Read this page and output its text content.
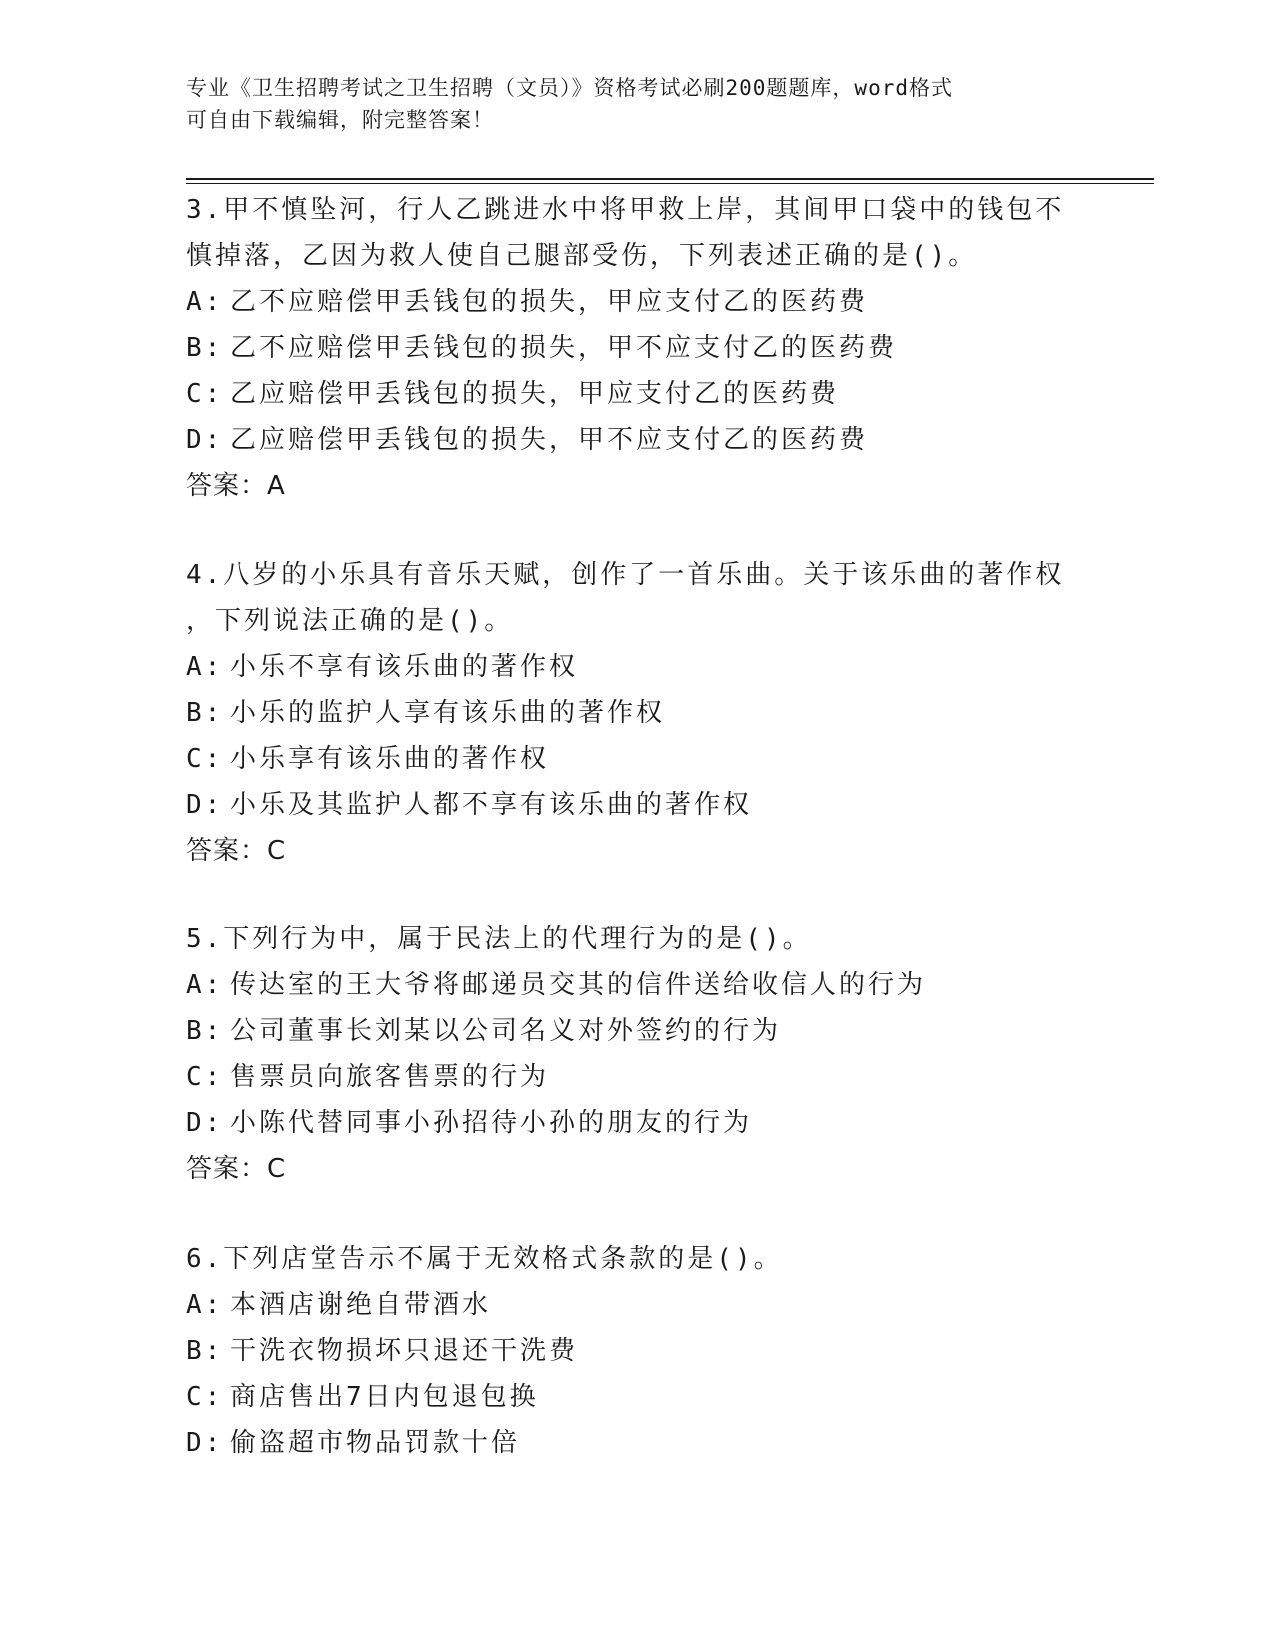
专业《卫生招聘考试之卫生招聘（文员）》资格考试必刷200题题库，word格式
可自由下载编辑，附完整答案！
3.甲不慎坠河，行人乙跳进水中将甲救上岸，其间甲口袋中的钱包不
慎掉落，乙因为救人使自己腿部受伤，下列表述正确的是()。
A: 乙不应赔偿甲丢钱包的损失，甲应支付乙的医药费
B: 乙不应赔偿甲丢钱包的损失，甲不应支付乙的医药费
C: 乙应赔偿甲丢钱包的损失，甲应支付乙的医药费
D: 乙应赔偿甲丢钱包的损失，甲不应支付乙的医药费
答案：A
4.八岁的小乐具有音乐天赋，创作了一首乐曲。关于该乐曲的著作权
，下列说法正确的是()。
A: 小乐不享有该乐曲的著作权
B: 小乐的监护人享有该乐曲的著作权
C: 小乐享有该乐曲的著作权
D: 小乐及其监护人都不享有该乐曲的著作权
答案：C
5.下列行为中，属于民法上的代理行为的是()。
A: 传达室的王大爷将邮递员交其的信件送给收信人的行为
B: 公司董事长刘某以公司名义对外签约的行为
C: 售票员向旅客售票的行为
D: 小陈代替同事小孙招待小孙的朋友的行为
答案：C
6.下列店堂告示不属于无效格式条款的是()。
A: 本酒店谢绝自带酒水
B: 干洗衣物损坏只退还干洗费
C: 商店售出7日内包退包换
D: 偷盗超市物品罚款十倍
